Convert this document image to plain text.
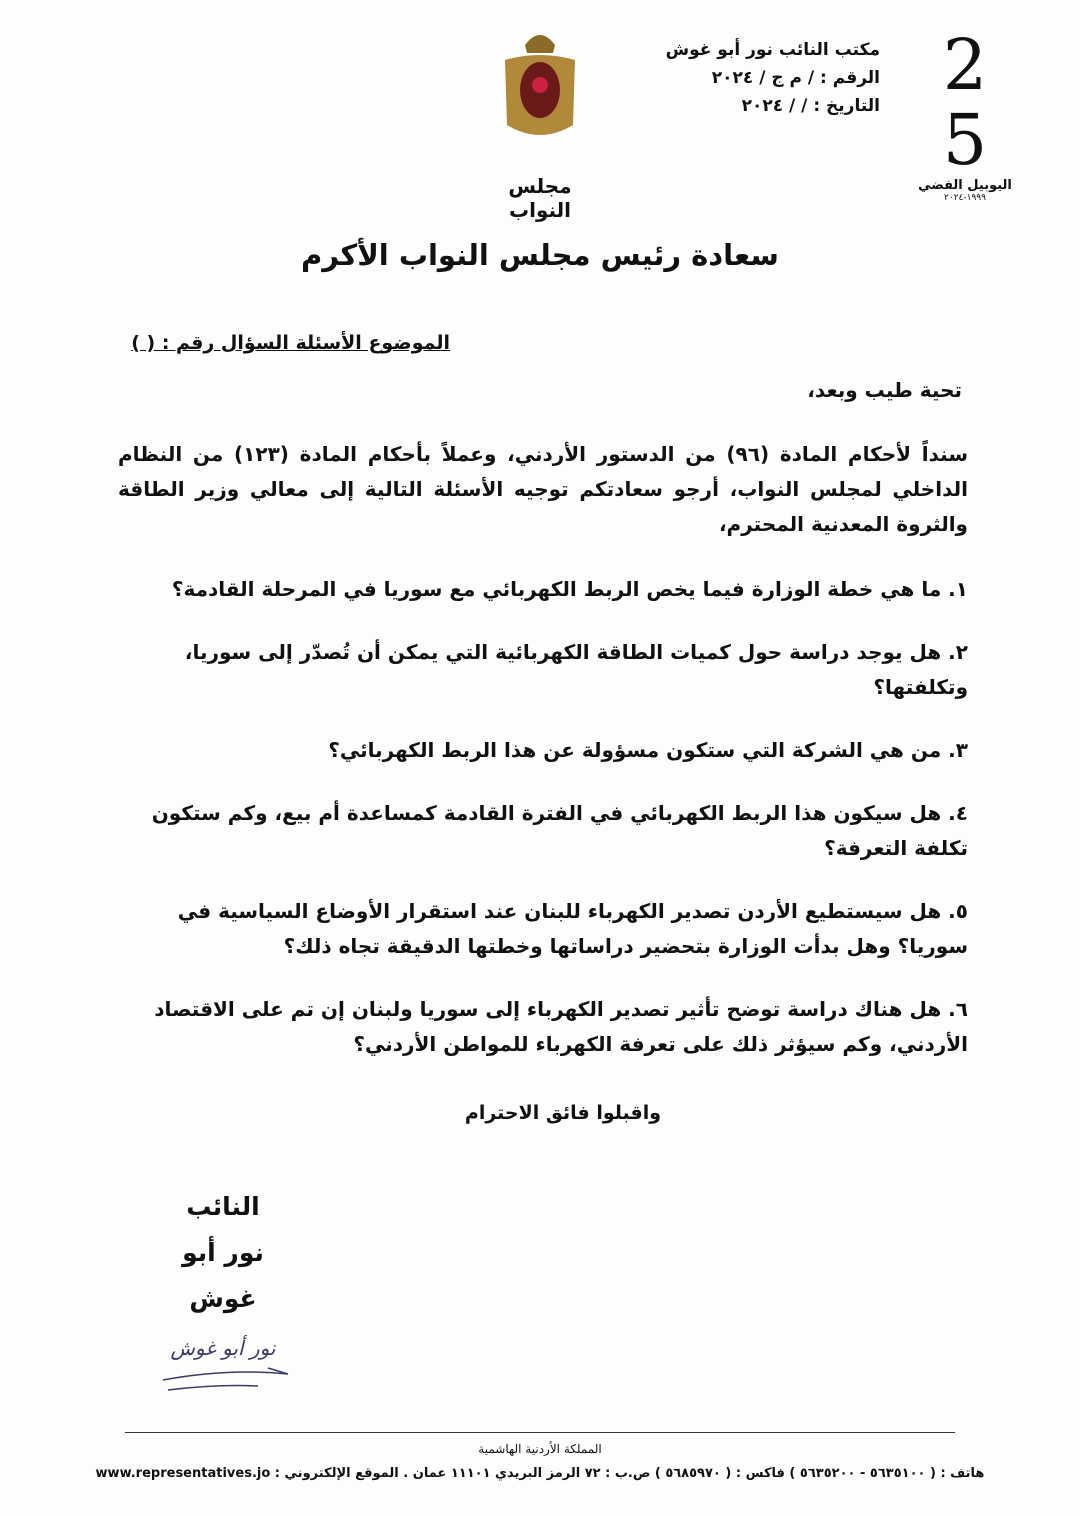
مكتب النائب نور أبو غوش
الرقم : / م ج / ٢٠٢٤
التاريخ : / / ٢٠٢٤ 2
5
اليوبيل الفضي
١٩٩٩-٢٠٢٤
مجلس النواب
سعادة رئيس مجلس النواب الأكرم
الموضوع الأسئلة السؤال رقم : ( )
تحية طيب وبعد،
سنداً لأحكام المادة (٩٦) من الدستور الأردني، وعملاً بأحكام المادة (١٢٣) من النظام الداخلي لمجلس النواب، أرجو سعادتكم توجيه الأسئلة التالية إلى معالي وزير الطاقة والثروة المعدنية المحترم،
١. ما هي خطة الوزارة فيما يخص الربط الكهربائي مع سوريا في المرحلة القادمة؟
٢. هل يوجد دراسة حول كميات الطاقة الكهربائية التي يمكن أن تُصدّر إلى سوريا، وتكلفتها؟
٣. من هي الشركة التي ستكون مسؤولة عن هذا الربط الكهربائي؟
٤. هل سيكون هذا الربط الكهربائي في الفترة القادمة كمساعدة أم بيع، وكم ستكون تكلفة التعرفة؟
٥. هل سيستطيع الأردن تصدير الكهرباء للبنان عند استقرار الأوضاع السياسية في سوريا؟ وهل بدأت الوزارة بتحضير دراساتها وخطتها الدقيقة تجاه ذلك؟
٦. هل هناك دراسة توضح تأثير تصدير الكهرباء إلى سوريا ولبنان إن تم على الاقتصاد الأردني، وكم سيؤثر ذلك على تعرفة الكهرباء للمواطن الأردني؟
واقبلوا فائق الاحترام
النائب
نور أبو غوش
نور أبو غوش
المملكة الأردنية الهاشمية
هاتف : ( ٥٦٣٥١٠٠ - ٥٦٣٥٢٠٠ ) فاكس : ( ٥٦٨٥٩٧٠ ) ص.ب : ٧٢ الرمز البريدي ١١١٠١ عمان . الموقع الإلكتروني : www.representatives.jo
